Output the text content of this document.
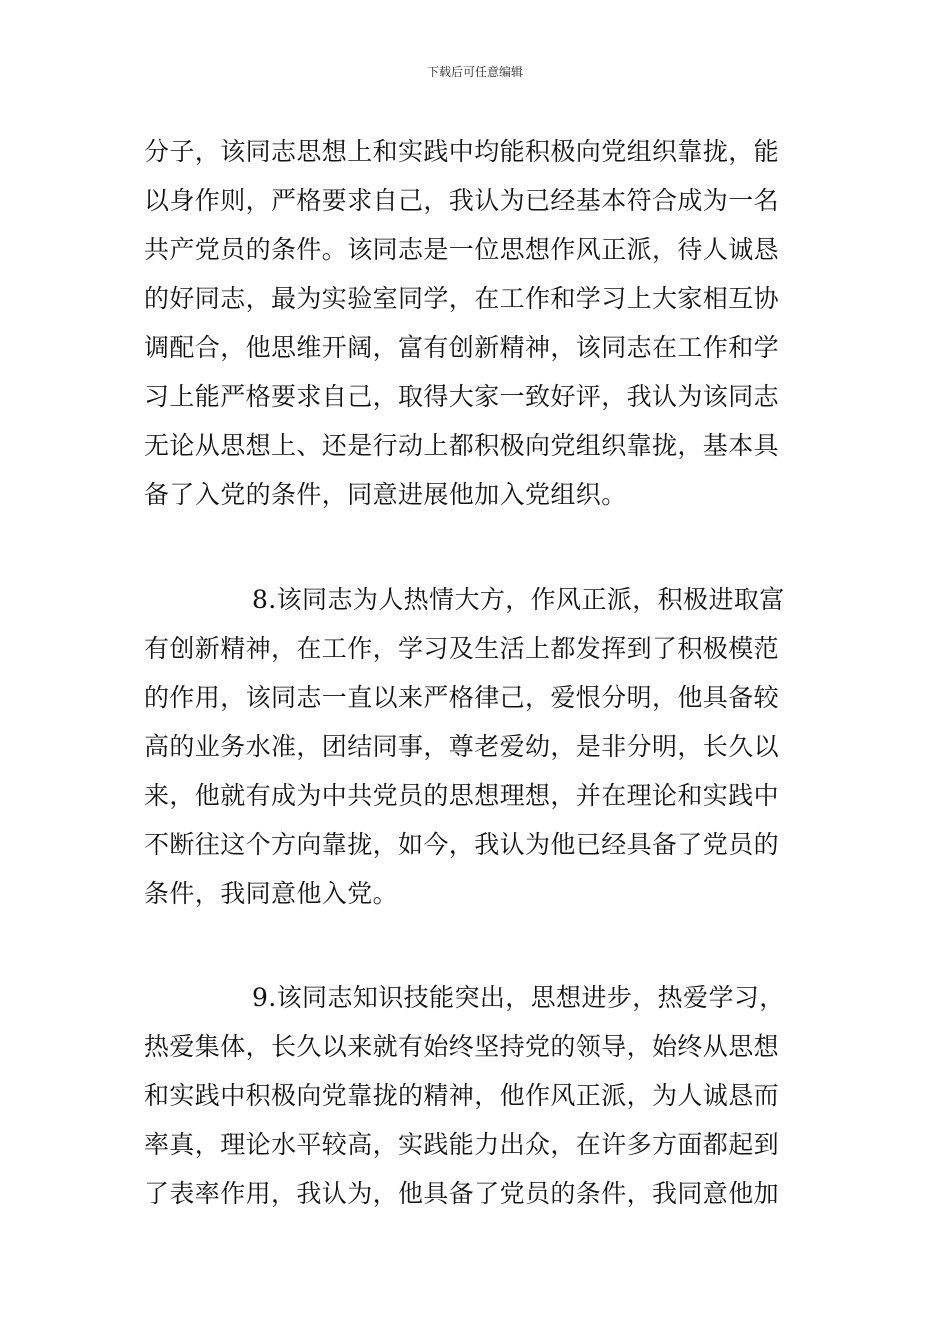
下载后可任意编辑
分子，该同志思想上和实践中均能积极向党组织靠拢，能
以身作则，严格要求自己，我认为已经基本符合成为一名
共产党员的条件。该同志是一位思想作风正派，待人诚恳
的好同志，最为实验室同学，在工作和学习上大家相互协
调配合，他思维开阔，富有创新精神，该同志在工作和学
习上能严格要求自己，取得大家一致好评，我认为该同志
无论从思想上、还是行动上都积极向党组织靠拢，基本具
备了入党的条件，同意进展他加入党组织。
8.该同志为人热情大方，作风正派，积极进取富
有创新精神，在工作，学习及生活上都发挥到了积极模范
的作用，该同志一直以来严格律己，爱恨分明，他具备较
高的业务水准，团结同事，尊老爱幼，是非分明，长久以
来，他就有成为中共党员的思想理想，并在理论和实践中
不断往这个方向靠拢，如今，我认为他已经具备了党员的
条件，我同意他入党。
9.该同志知识技能突出，思想进步，热爱学习，
热爱集体，长久以来就有始终坚持党的领导，始终从思想
和实践中积极向党靠拢的精神，他作风正派，为人诚恳而
率真，理论水平较高，实践能力出众，在许多方面都起到
了表率作用，我认为，他具备了党员的条件，我同意他加
